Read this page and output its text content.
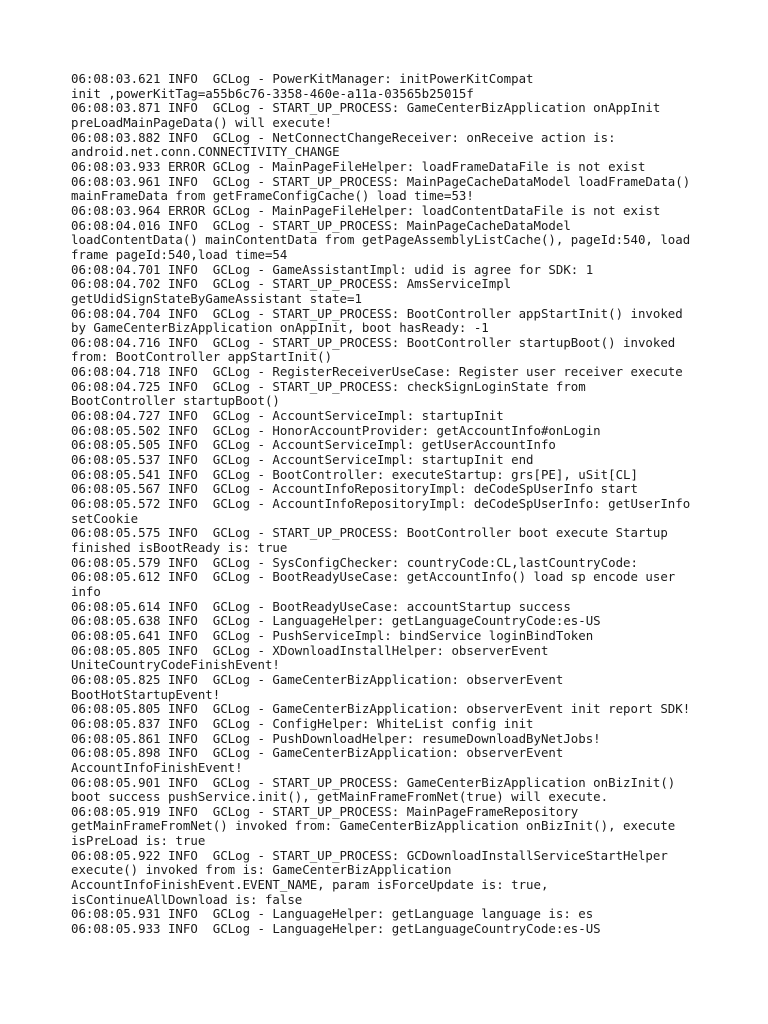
06:08:03.621 INFO  GCLog - PowerKitManager: initPowerKitCompat
init ,powerKitTag=a55b6c76-3358-460e-a11a-03565b25015f
06:08:03.871 INFO  GCLog - START_UP_PROCESS: GameCenterBizApplication onAppInit
preLoadMainPageData() will execute!
06:08:03.882 INFO  GCLog - NetConnectChangeReceiver: onReceive action is:
android.net.conn.CONNECTIVITY_CHANGE
06:08:03.933 ERROR GCLog - MainPageFileHelper: loadFrameDataFile is not exist
06:08:03.961 INFO  GCLog - START_UP_PROCESS: MainPageCacheDataModel loadFrameData()
mainFrameData from getFrameConfigCache() load time=53!
06:08:03.964 ERROR GCLog - MainPageFileHelper: loadContentDataFile is not exist
06:08:04.016 INFO  GCLog - START_UP_PROCESS: MainPageCacheDataModel
loadContentData() mainContentData from getPageAssemblyListCache(), pageId:540, load
frame pageId:540,load time=54
06:08:04.701 INFO  GCLog - GameAssistantImpl: udid is agree for SDK: 1
06:08:04.702 INFO  GCLog - START_UP_PROCESS: AmsServiceImpl
getUdidSignStateByGameAssistant state=1
06:08:04.704 INFO  GCLog - START_UP_PROCESS: BootController appStartInit() invoked
by GameCenterBizApplication onAppInit, boot hasReady: -1
06:08:04.716 INFO  GCLog - START_UP_PROCESS: BootController startupBoot() invoked
from: BootController appStartInit()
06:08:04.718 INFO  GCLog - RegisterReceiverUseCase: Register user receiver execute
06:08:04.725 INFO  GCLog - START_UP_PROCESS: checkSignLoginState from
BootController startupBoot()
06:08:04.727 INFO  GCLog - AccountServiceImpl: startupInit
06:08:05.502 INFO  GCLog - HonorAccountProvider: getAccountInfo#onLogin
06:08:05.505 INFO  GCLog - AccountServiceImpl: getUserAccountInfo
06:08:05.537 INFO  GCLog - AccountServiceImpl: startupInit end
06:08:05.541 INFO  GCLog - BootController: executeStartup: grs[PE], uSit[CL]
06:08:05.567 INFO  GCLog - AccountInfoRepositoryImpl: deCodeSpUserInfo start
06:08:05.572 INFO  GCLog - AccountInfoRepositoryImpl: deCodeSpUserInfo: getUserInfo
setCookie
06:08:05.575 INFO  GCLog - START_UP_PROCESS: BootController boot execute Startup
finished isBootReady is: true
06:08:05.579 INFO  GCLog - SysConfigChecker: countryCode:CL,lastCountryCode:
06:08:05.612 INFO  GCLog - BootReadyUseCase: getAccountInfo() load sp encode user
info
06:08:05.614 INFO  GCLog - BootReadyUseCase: accountStartup success
06:08:05.638 INFO  GCLog - LanguageHelper: getLanguageCountryCode:es-US
06:08:05.641 INFO  GCLog - PushServiceImpl: bindService loginBindToken
06:08:05.805 INFO  GCLog - XDownloadInstallHelper: observerEvent
UniteCountryCodeFinishEvent!
06:08:05.825 INFO  GCLog - GameCenterBizApplication: observerEvent
BootHotStartupEvent!
06:08:05.805 INFO  GCLog - GameCenterBizApplication: observerEvent init report SDK!
06:08:05.837 INFO  GCLog - ConfigHelper: WhiteList config init
06:08:05.861 INFO  GCLog - PushDownloadHelper: resumeDownloadByNetJobs!
06:08:05.898 INFO  GCLog - GameCenterBizApplication: observerEvent
AccountInfoFinishEvent!
06:08:05.901 INFO  GCLog - START_UP_PROCESS: GameCenterBizApplication onBizInit()
boot success pushService.init(), getMainFrameFromNet(true) will execute.
06:08:05.919 INFO  GCLog - START_UP_PROCESS: MainPageFrameRepository
getMainFrameFromNet() invoked from: GameCenterBizApplication onBizInit(), execute
isPreLoad is: true
06:08:05.922 INFO  GCLog - START_UP_PROCESS: GCDownloadInstallServiceStartHelper
execute() invoked from is: GameCenterBizApplication
AccountInfoFinishEvent.EVENT_NAME, param isForceUpdate is: true,
isContinueAllDownload is: false
06:08:05.931 INFO  GCLog - LanguageHelper: getLanguage language is: es
06:08:05.933 INFO  GCLog - LanguageHelper: getLanguageCountryCode:es-US
